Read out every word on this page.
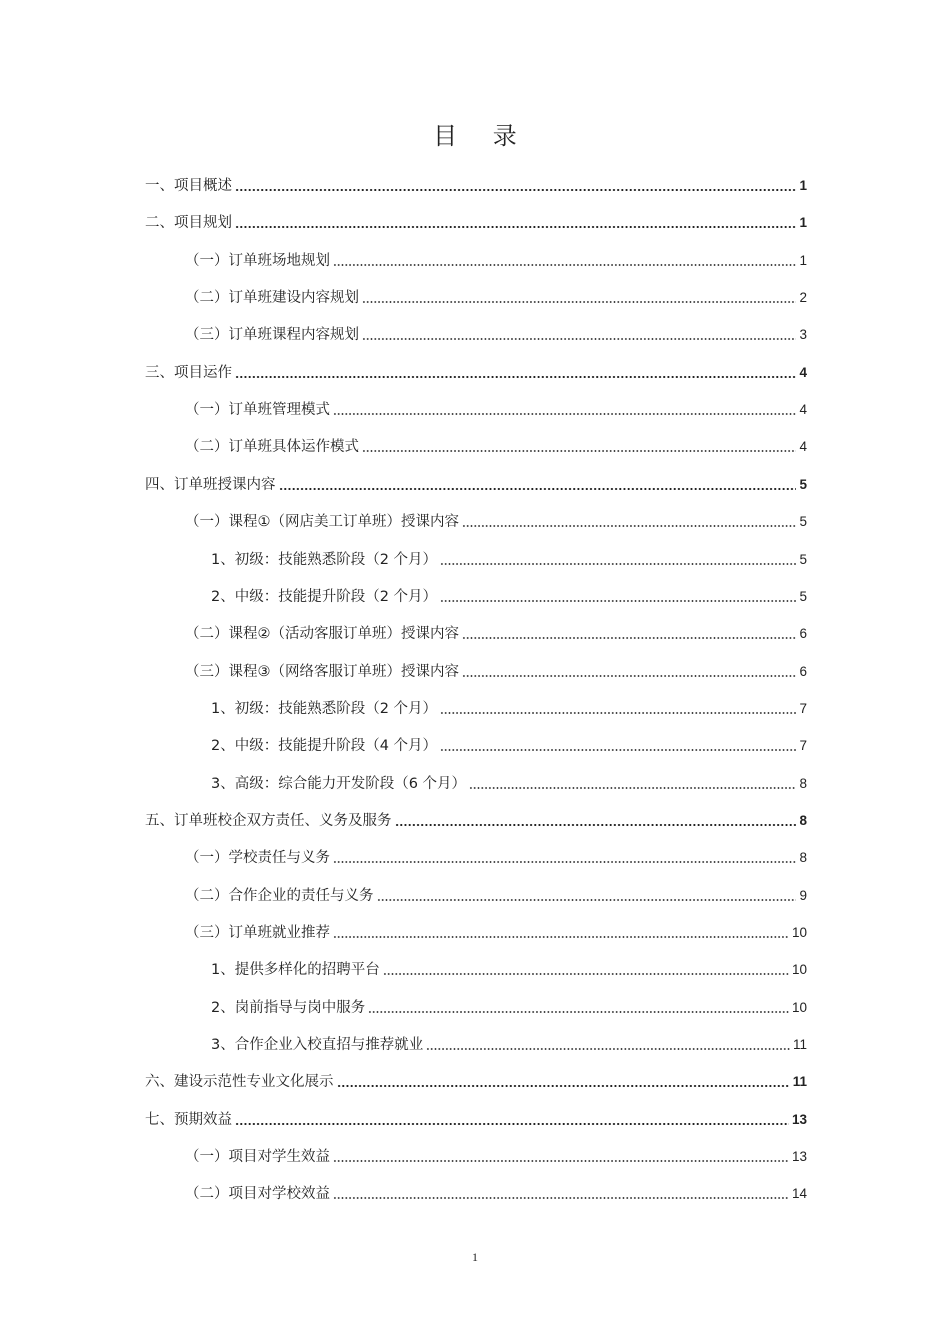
目 录
一、项目概述	1
二、项目规划	1
（一）订单班场地规划	1
（二）订单班建设内容规划	2
（三）订单班课程内容规划	3
三、项目运作	4
（一）订单班管理模式	4
（二）订单班具体运作模式	4
四、订单班授课内容	5
（一）课程①（网店美工订单班）授课内容	5
1、初级：技能熟悉阶段（2 个月）	5
2、中级：技能提升阶段（2 个月）	5
（二）课程②（活动客服订单班）授课内容	6
（三）课程③（网络客服订单班）授课内容	6
1、初级：技能熟悉阶段（2 个月）	7
2、中级：技能提升阶段（4 个月）	7
3、高级：综合能力开发阶段（6 个月）	8
五、订单班校企双方责任、义务及服务	8
（一）学校责任与义务	8
（二）合作企业的责任与义务	9
（三）订单班就业推荐	10
1、提供多样化的招聘平台	10
2、岗前指导与岗中服务	10
3、合作企业入校直招与推荐就业	11
六、建设示范性专业文化展示	11
七、预期效益	13
（一）项目对学生效益	13
（二）项目对学校效益	14
1
